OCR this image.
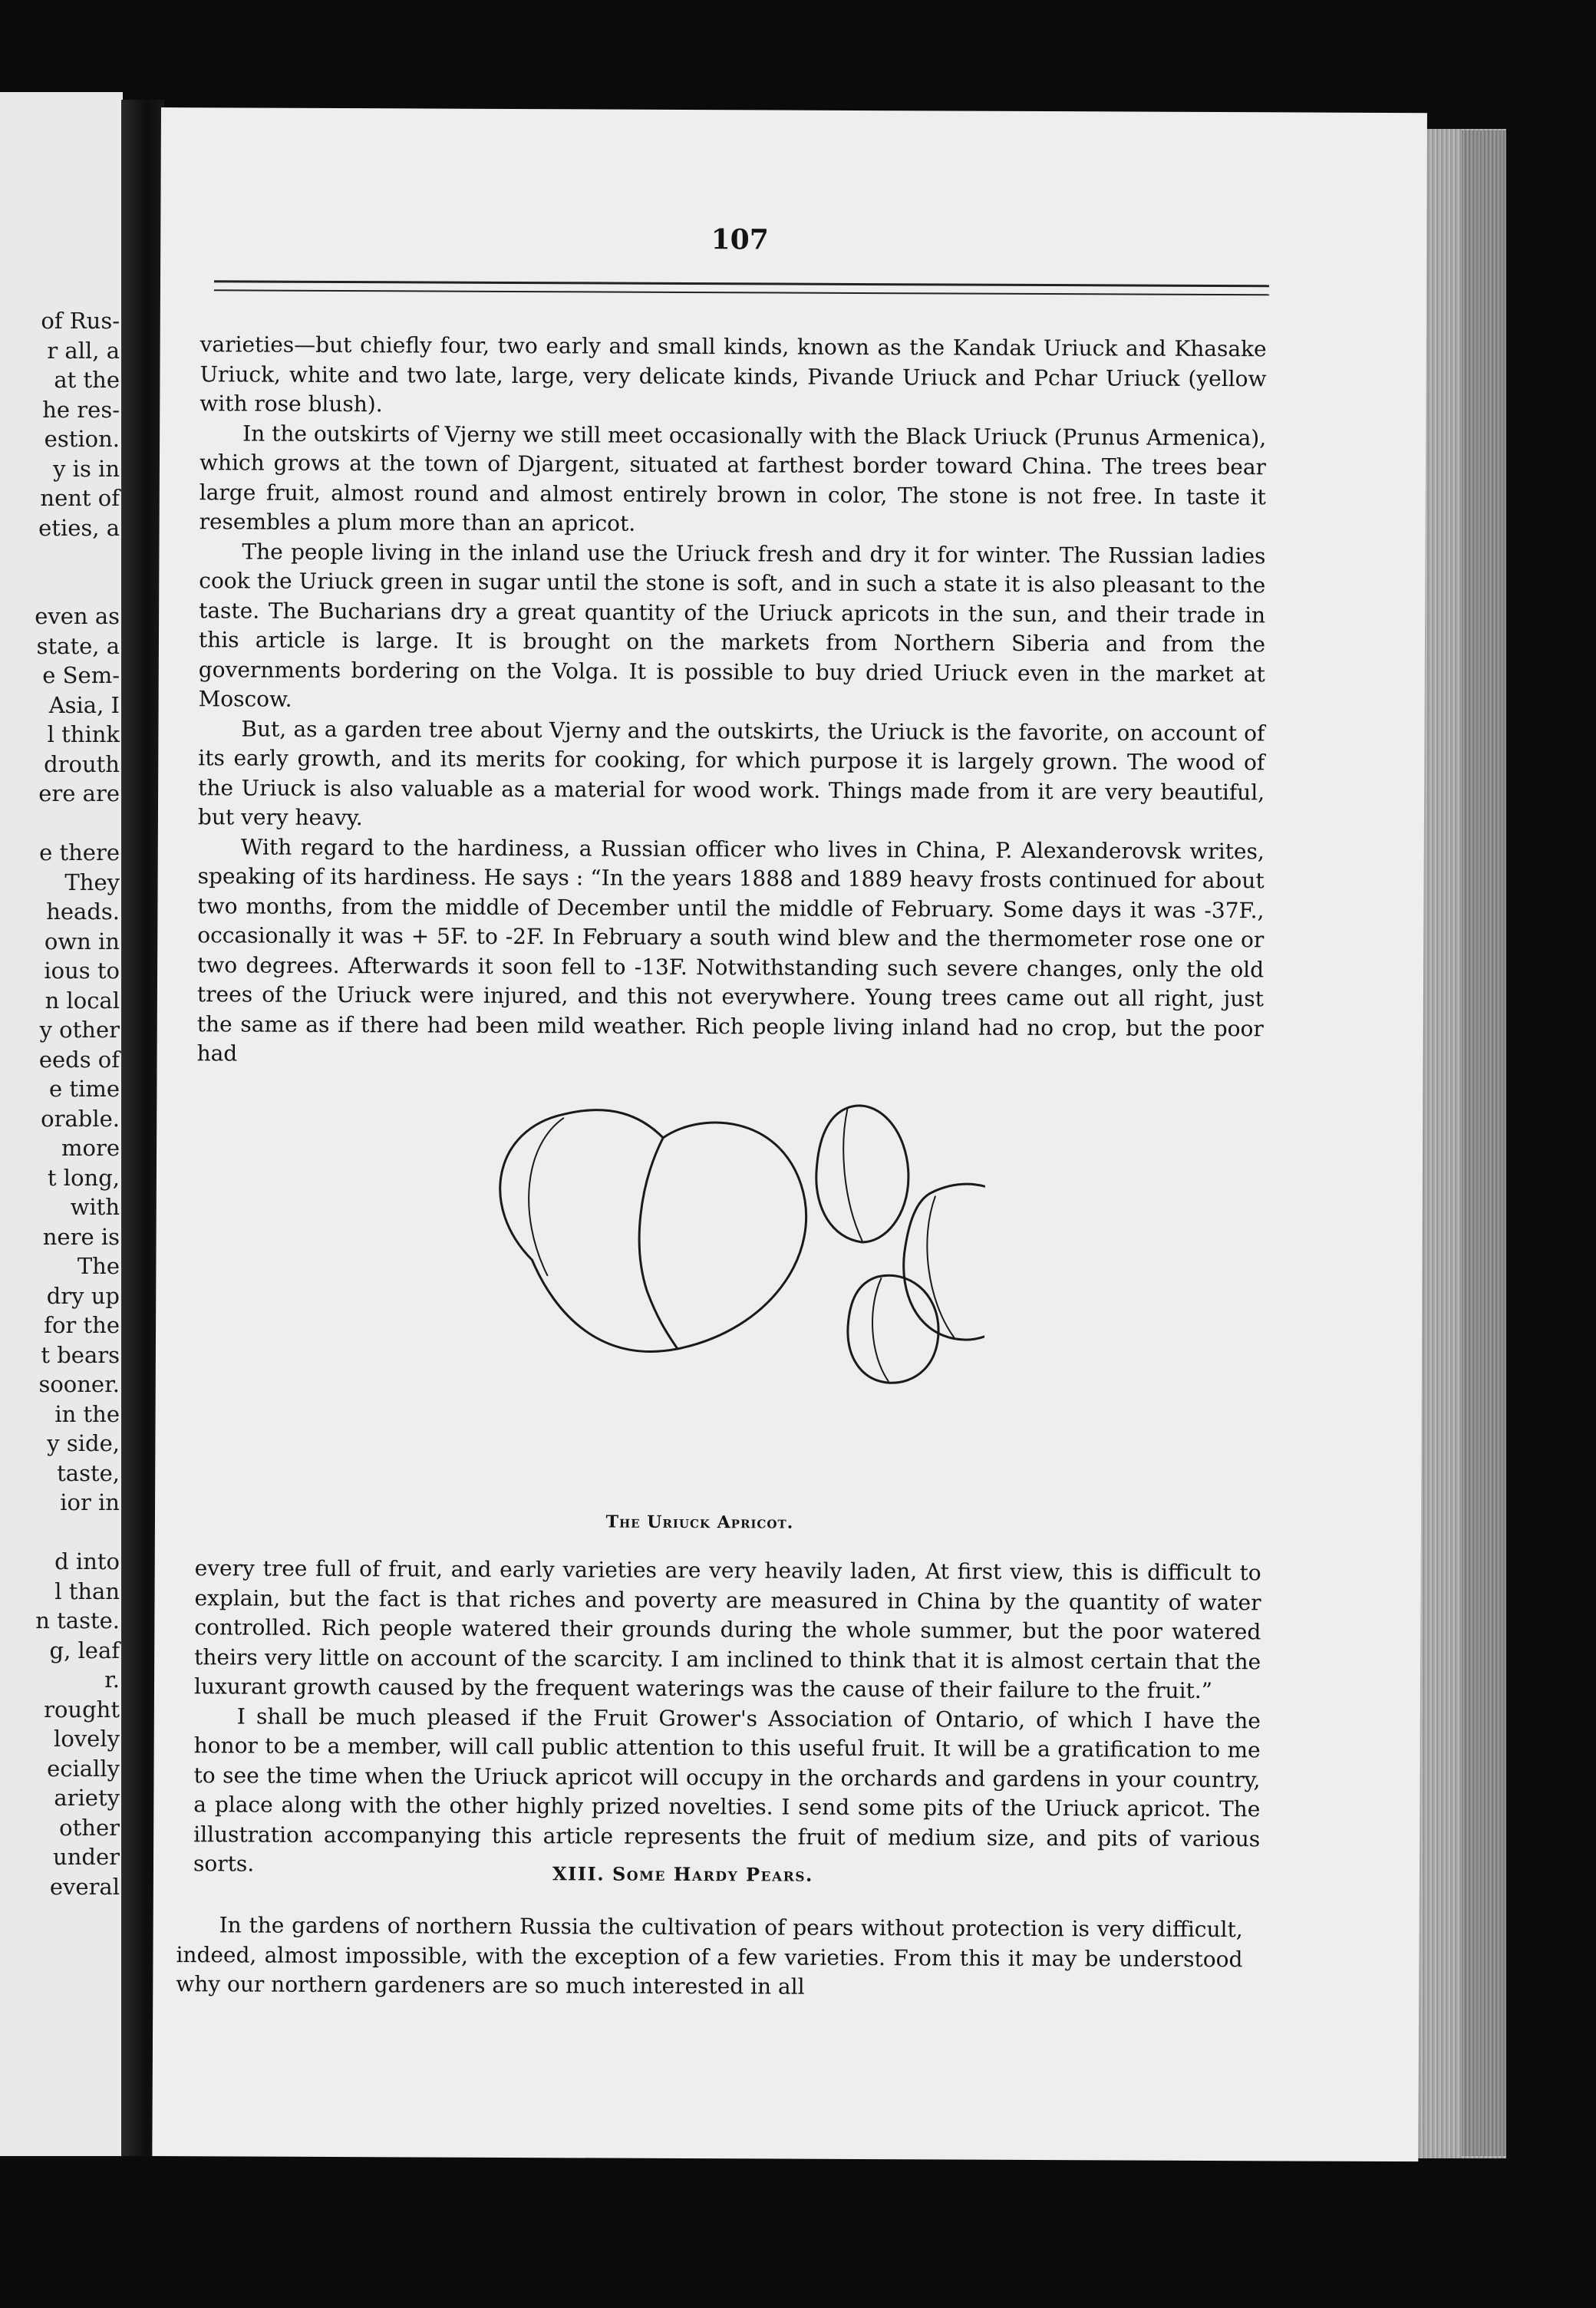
of Rus-
r all, a
at the
he res-
estion.
y is in
nent of
eties, a
even as
state, a
e Sem-
Asia, I
l think
drouth
ere are
e there
They
heads.
own in
ious to
n local
y other
eeds of
e time
orable.
more
t long,
with
nere is
The
dry up
for the
t bears
sooner.
in the
y side,
taste,
ior in
d into
l than
n taste.
g, leaf
r.
rought
lovely
ecially
ariety
other
under
everal
107

varieties—but chiefly four, two early and small kinds, known as the Kandak Uriuck and Khasake Uriuck, white and two late, large, very delicate kinds, Pivande Uriuck and Pchar Uriuck (yellow with rose blush).

In the outskirts of Vjerny we still meet occasionally with the Black Uriuck (Prunus Armenica), which grows at the town of Djargent, situated at farthest border toward China. The trees bear large fruit, almost round and almost entirely brown in color, The stone is not free. In taste it resembles a plum more than an apricot.

The people living in the inland use the Uriuck fresh and dry it for winter. The Russian ladies cook the Uriuck green in sugar until the stone is soft, and in such a state it is also pleasant to the taste. The Bucharians dry a great quantity of the Uriuck apricots in the sun, and their trade in this article is large. It is brought on the markets from Northern Siberia and from the governments bordering on the Volga. It is possible to buy dried Uriuck even in the market at Moscow.

But, as a garden tree about Vjerny and the outskirts, the Uriuck is the favorite, on account of its early growth, and its merits for cooking, for which purpose it is largely grown. The wood of the Uriuck is also valuable as a material for wood work. Things made from it are very beautiful, but very heavy.

With regard to the hardiness, a Russian officer who lives in China, P. Alexanderovsk writes, speaking of its hardiness. He says : “In the years 1888 and 1889 heavy frosts continued for about two months, from the middle of December until the middle of February. Some days it was -37F., occasionally it was + 5F. to -2F. In February a south wind blew and the thermometer rose one or two degrees. Afterwards it soon fell to -13F. Notwithstanding such severe changes, only the old trees of the Uriuck were injured, and this not everywhere. Young trees came out all right, just the same as if there had been mild weather. Rich people living inland had no crop, but the poor had

The Uriuck Apricot.

every tree full of fruit, and early varieties are very heavily laden, At first view, this is difficult to explain, but the fact is that riches and poverty are measured in China by the quantity of water controlled. Rich people watered their grounds during the whole summer, but the poor watered theirs very little on account of the scarcity. I am inclined to think that it is almost certain that the luxurant growth caused by the frequent waterings was the cause of their failure to the fruit.”

I shall be much pleased if the Fruit Grower's Association of Ontario, of which I have the honor to be a member, will call public attention to this useful fruit. It will be a gratification to me to see the time when the Uriuck apricot will occupy in the orchards and gardens in your country, a place along with the other highly prized novelties. I send some pits of the Uriuck apricot. The illustration accompanying this article represents the fruit of medium size, and pits of various sorts.	XIII. Some Hardy Pears.

In the gardens of northern Russia the cultivation of pears without protection is very difficult, indeed, almost impossible, with the exception of a few varieties. From this it may be understood why our northern gardeners are so much interested in all
